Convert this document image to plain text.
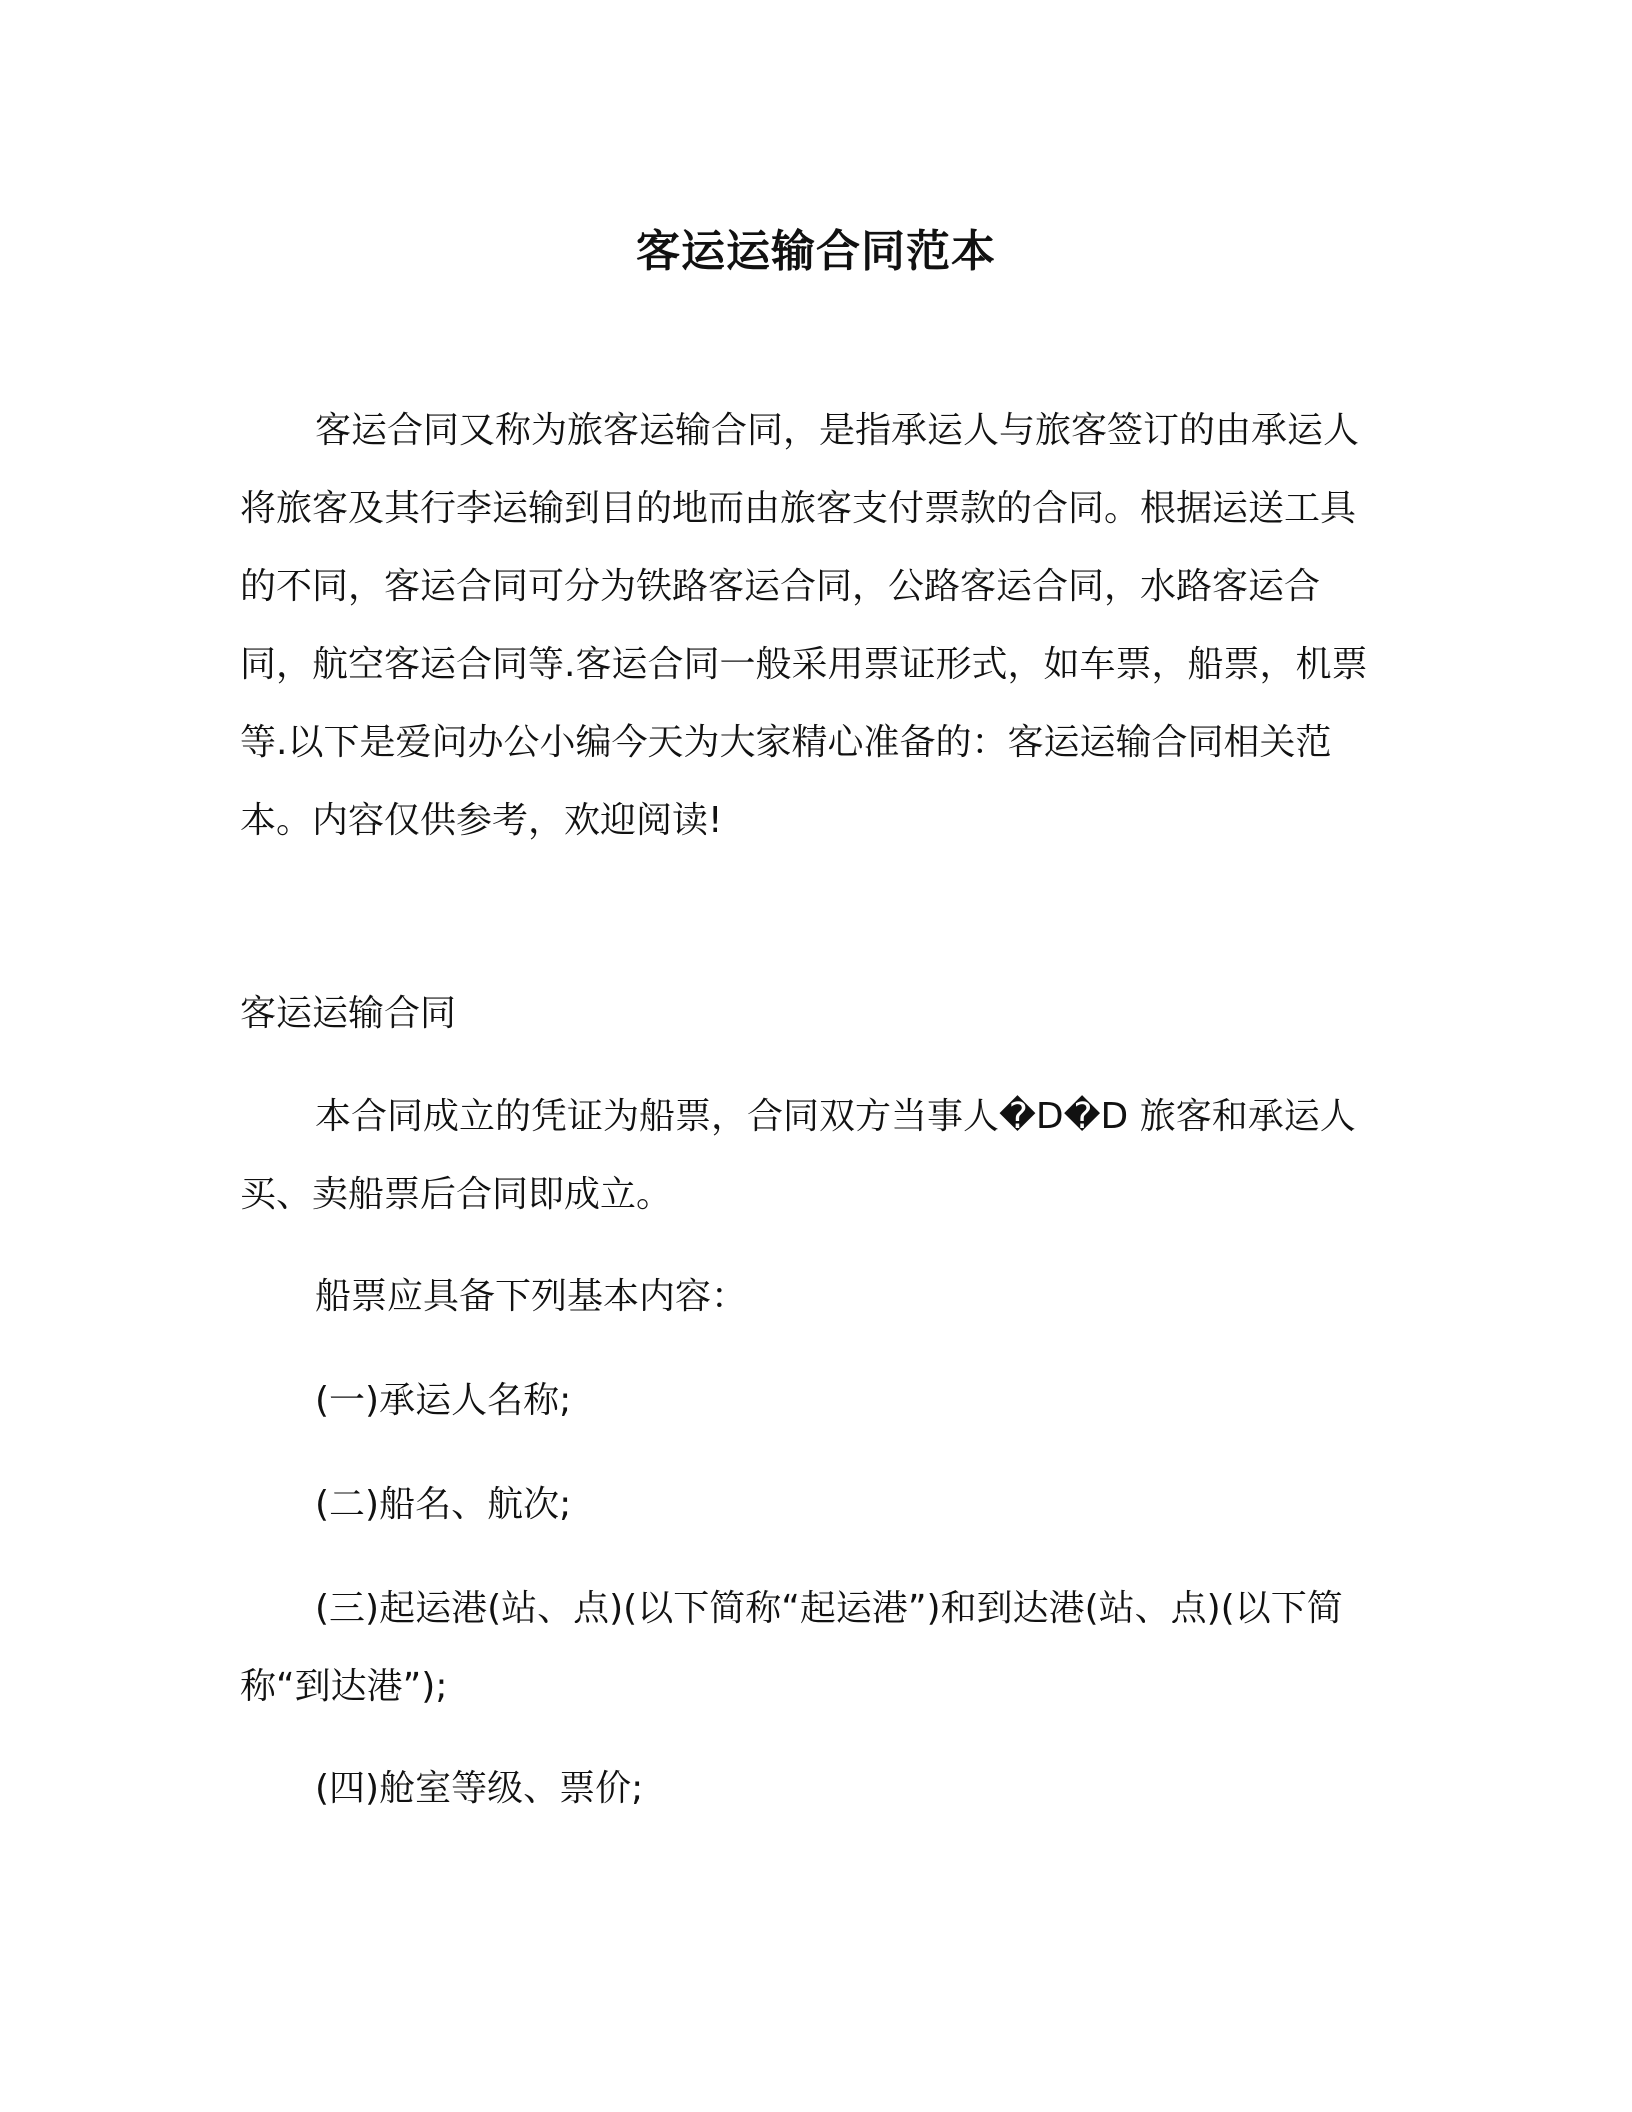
客运运输合同范本

客运合同又称为旅客运输合同，是指承运人与旅客签订的由承运人将旅客及其行李运输到目的地而由旅客支付票款的合同。根据运送工具的不同，客运合同可分为铁路客运合同，公路客运合同，水路客运合同，航空客运合同等.客运合同一般采用票证形式，如车票，船票，机票等.以下是爱问办公小编今天为大家精心准备的：客运运输合同相关范本。内容仅供参考，欢迎阅读!

客运运输合同

本合同成立的凭证为船票，合同双方当事人�D�D 旅客和承运人买、卖船票后合同即成立。

船票应具备下列基本内容：

(一)承运人名称;

(二)船名、航次;

(三)起运港(站、点)(以下简称“起运港”)和到达港(站、点)(以下简称“到达港”);

(四)舱室等级、票价;
